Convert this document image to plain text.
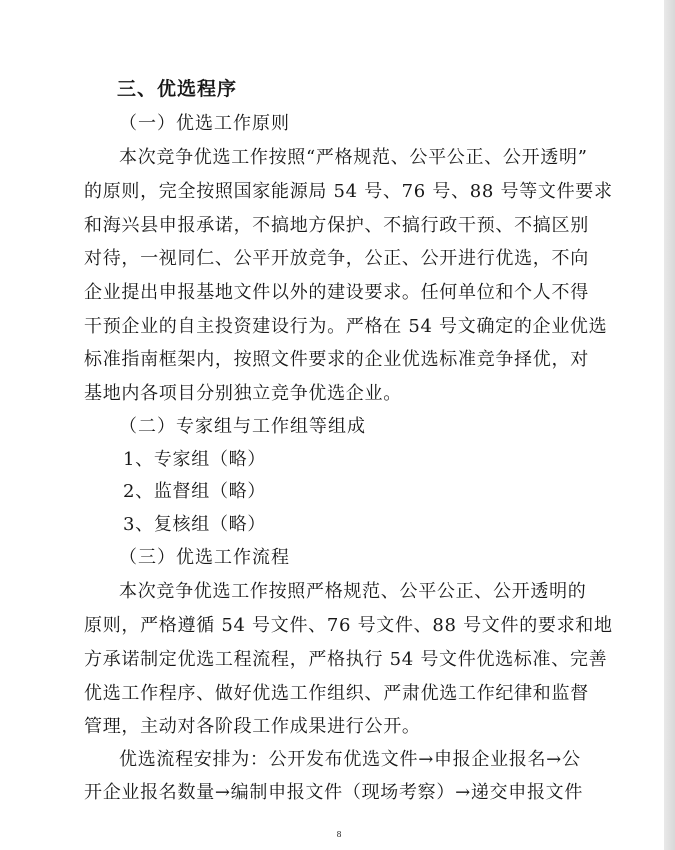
三、优选程序

（一）优选工作原则

本次竞争优选工作按照“严格规范、公平公正、公开透明”

的原则，完全按照国家能源局 54 号、76 号、88 号等文件要求

和海兴县申报承诺，不搞地方保护、不搞行政干预、不搞区别

对待，一视同仁、公平开放竞争，公正、公开进行优选，不向

企业提出申报基地文件以外的建设要求。任何单位和个人不得

干预企业的自主投资建设行为。严格在 54 号文确定的企业优选

标准指南框架内，按照文件要求的企业优选标准竞争择优，对

基地内各项目分别独立竞争优选企业。

（二）专家组与工作组等组成

1、专家组（略）

2、监督组（略）

3、复核组（略）

（三）优选工作流程

本次竞争优选工作按照严格规范、公平公正、公开透明的

原则，严格遵循 54 号文件、76 号文件、88 号文件的要求和地

方承诺制定优选工程流程，严格执行 54 号文件优选标准、完善

优选工作程序、做好优选工作组织、严肃优选工作纪律和监督

管理，主动对各阶段工作成果进行公开。

优选流程安排为：公开发布优选文件→申报企业报名→公

开企业报名数量→编制申报文件（现场考察）→递交申报文件

8
